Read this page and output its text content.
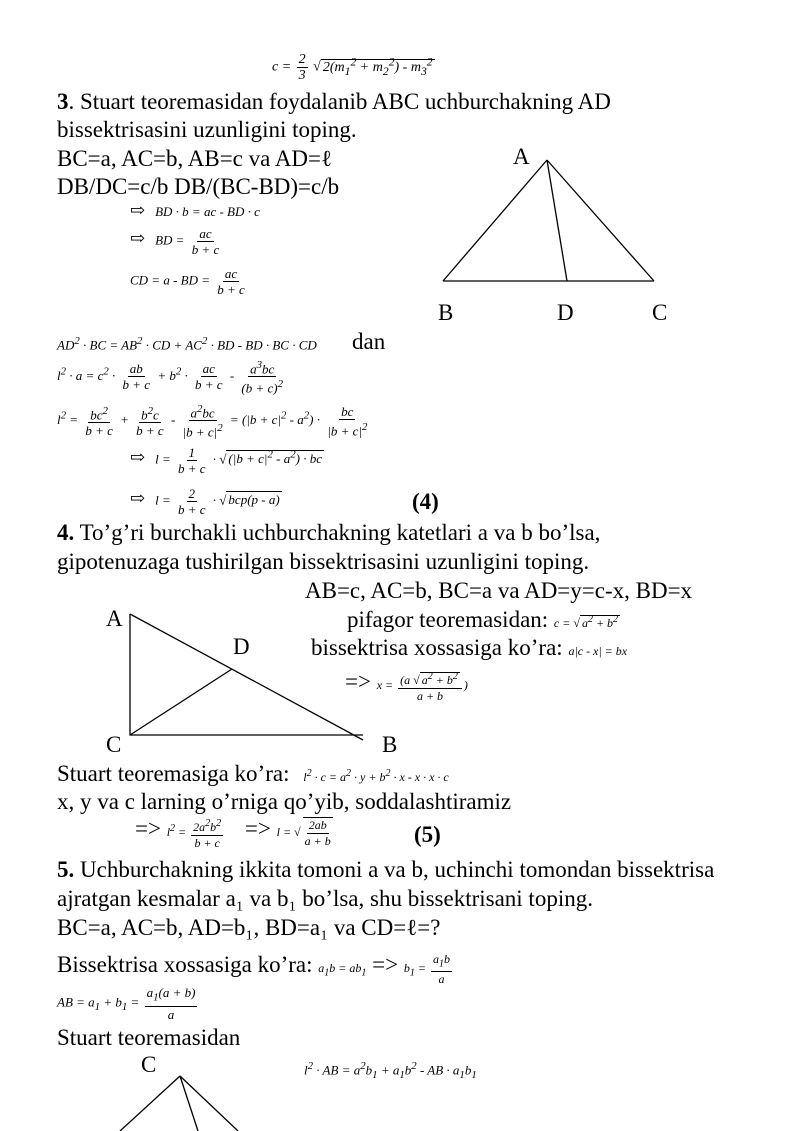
$c = \frac{2}{3}$ √ $2(m_1^2 + m_2^2) - m_3^2$
3. Stuart teoremasidan foydalanib ABC uchburchakning AD
bissektrisasini uzunligini toping.
BC=a, AC=b, AB=c va AD=ℓ
DB/DC=c/b DB/(BC-BD)=c/b
⇨ BD · b = ac - BD · c
⇨ BD = $\frac{ac}{b + c}$
CD = a - BD = $\frac{ac}{b + c}$
A
B	D	C
$AD^2$ · BC = $AB^2$ · CD + $AC^2$ · BD - BD · BC · CD dan
$l^2 \cdot a = c^2 \cdot \frac{ab}{b + c} + b^2 \cdot \frac{ac}{b + c} - \frac{a^3bc}{(b + c)^2}$
$l^2 = \frac{bc^2}{b + c} + \frac{b^2c}{b + c} - \frac{a^2bc}{|b + c|^2} = (|b + c|^2 - a^2) \cdot \frac{bc}{|b + c|^2}$
⇨ $l = \frac{1}{b + c}$ · √ $(|b + c|^2 - a^2)$ · bc
⇨ $l = \frac{2}{b + c}$ · √ bcp(p - a)	(4)
4. To’g’ri burchakli uchburchakning katetlari a va b bo’lsa,
gipotenuzaga tushirilgan bissektrisasini uzunligini toping.
AB=c, AC=b, BC=a va AD=y=c-x, BD=x
A
D
C	B
pifagor teoremasidan: c = √ $a^2 + b^2$
bissektrisa xossasiga ko’ra: a|c - x| = bx
=> $x = \frac{(a √ a^2 + b^2}{a + b}$ )
Stuart teoremasiga ko’ra: $l^2 \cdot c = a^2 \cdot y + b^2 \cdot x - x \cdot x \cdot c$
x, y va c larning o’rniga qo’yib, soddalashtiramiz
=> $l^2 = \frac{2a^2b^2}{b + c} => l$ = √ $\frac{2ab}{a + b}$	(5)
5. Uchburchakning ikkita tomoni a va b, uchinchi tomondan bissektrisa
ajratgan kesmalar a₁ va b₁ bo’lsa, shu bissektrisani toping.
BC=a, AC=b, AD=b₁, BD=a₁ va CD=ℓ=?
Bissektrisa xossasiga ko’ra: $a_1b = ab_1 => b_1 = \frac{a_1b}{a}$
AB = $a_1 + b_1 = \frac{a_1(a + b)}{a}$
Stuart teoremasidan
C	$l^2$ · AB = $a^2b_1 + a_1b^2$ - AB · $a_1b_1$
